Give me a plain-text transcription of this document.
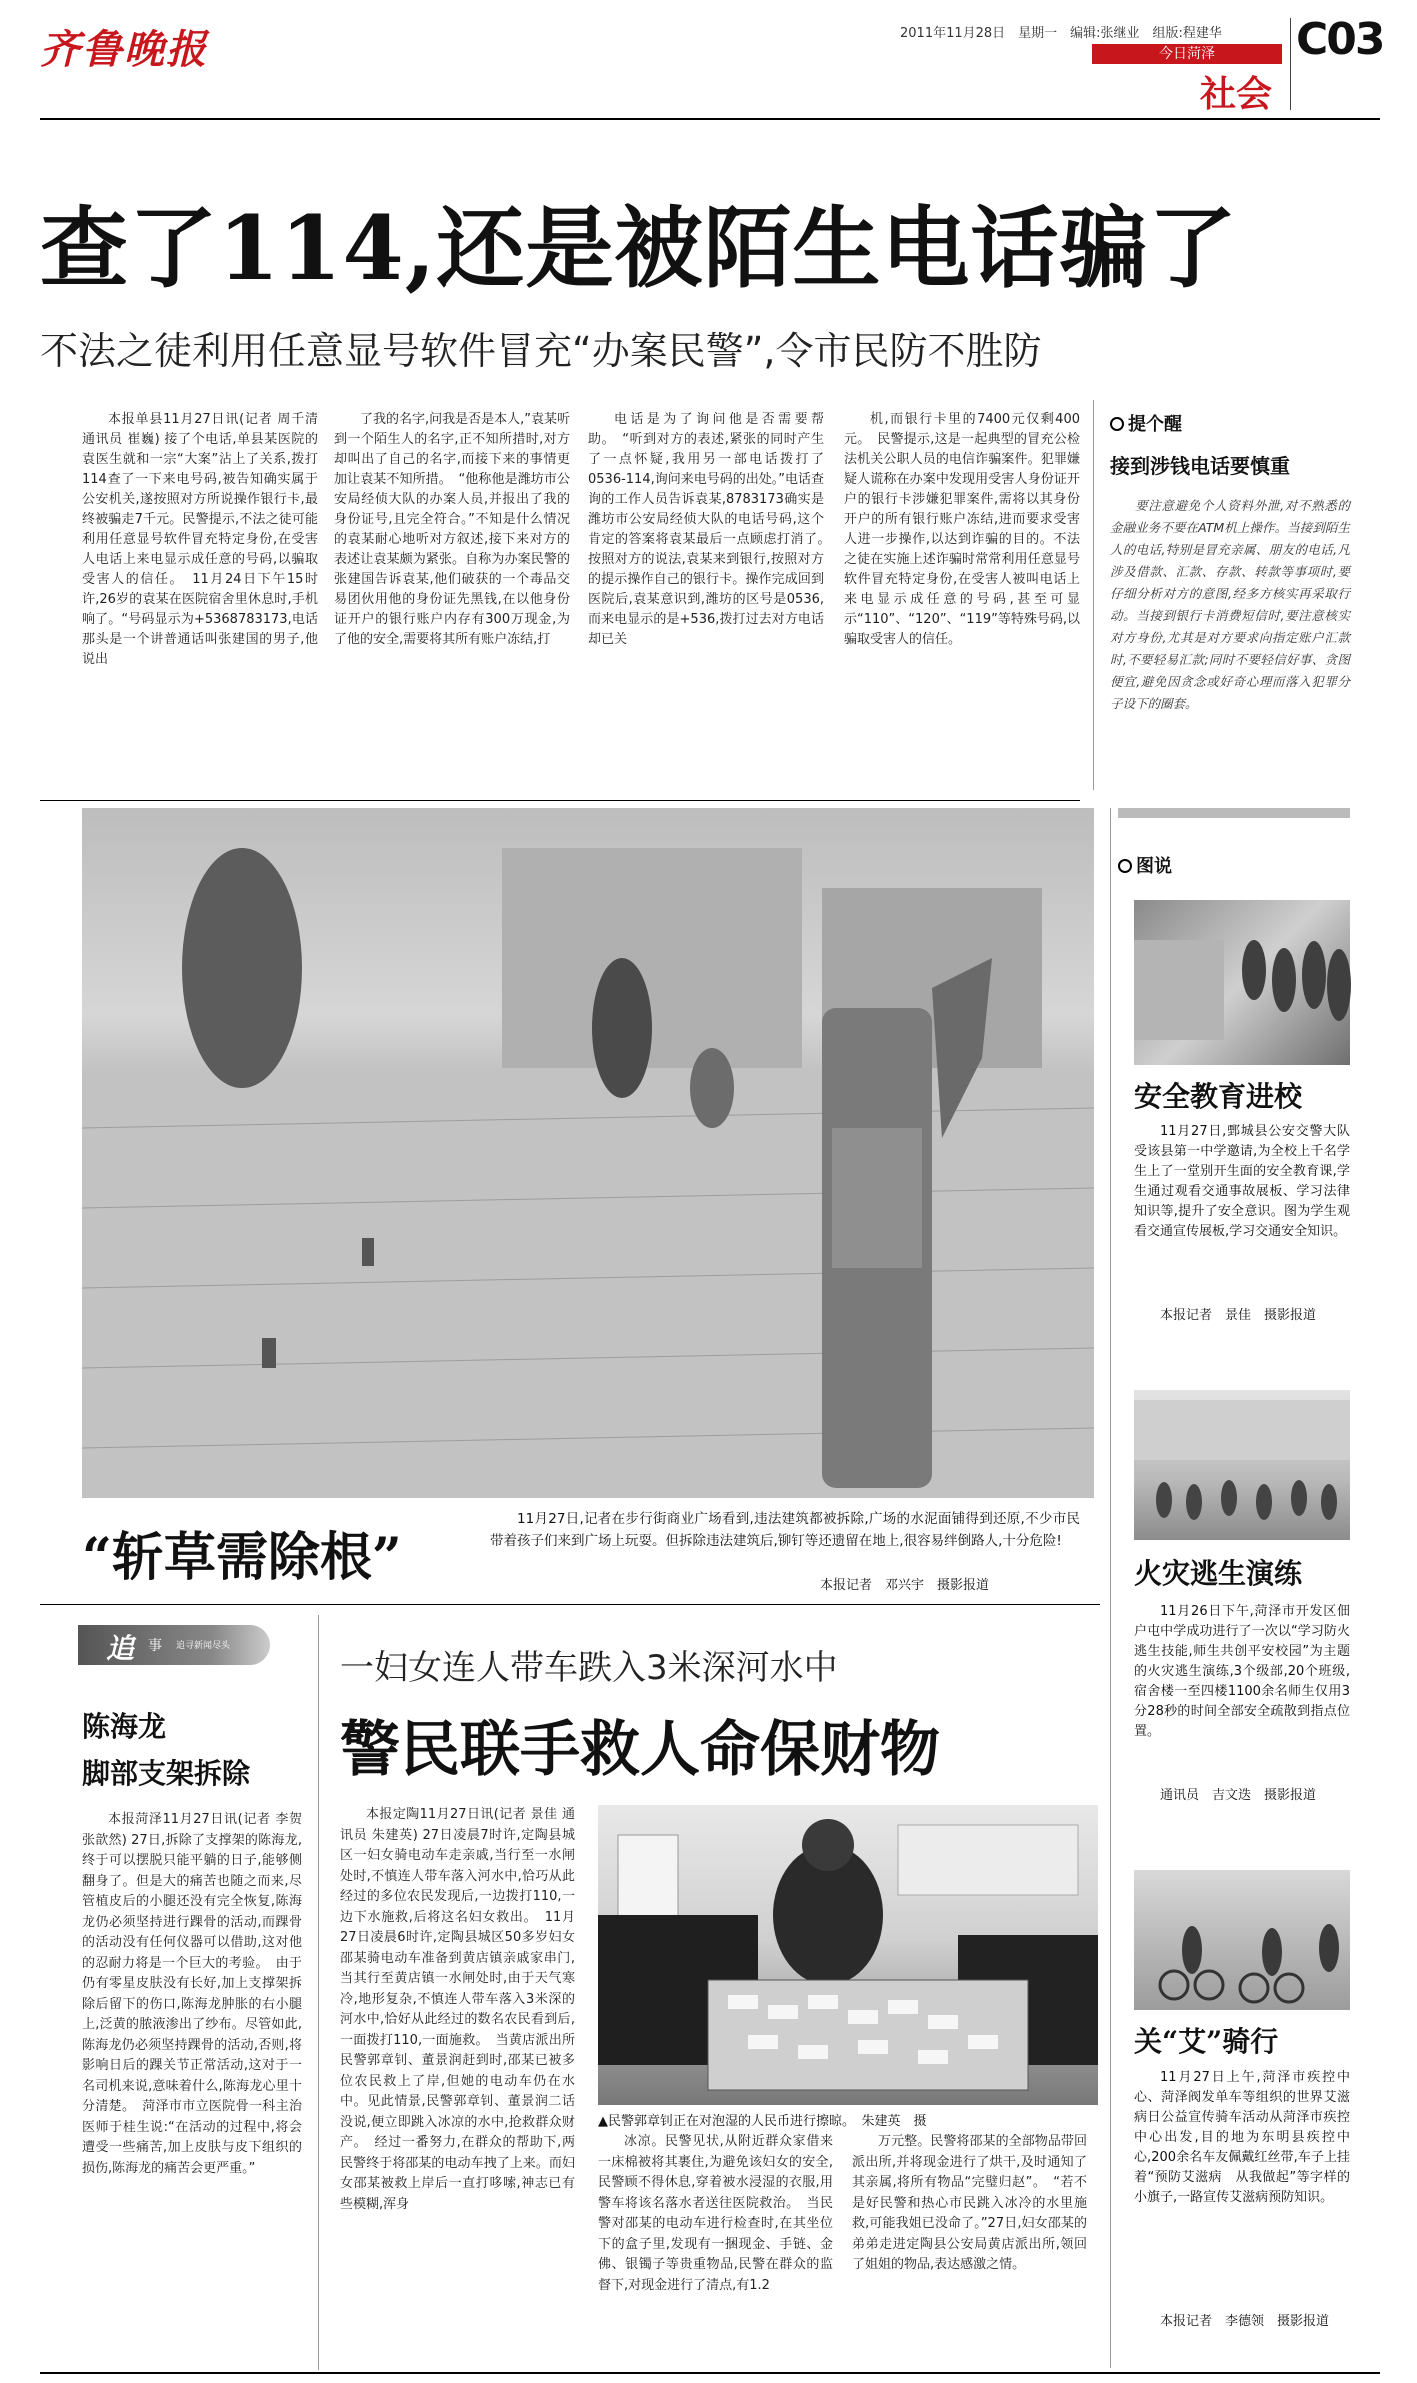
齐鲁晚报	2011年11月28日　星期一　编辑:张继业　组版:程建华
今日菏泽
社会
C03
查了114,还是被陌生电话骗了
不法之徒利用任意显号软件冒充“办案民警”,令市民防不胜防

本报单县11月27日讯(记者 周千清 通讯员 崔巍) 接了个电话,单县某医院的袁医生就和一宗“大案”沾上了关系,拨打114查了一下来电号码,被告知确实属于公安机关,遂按照对方所说操作银行卡,最终被骗走7千元。民警提示,不法之徒可能利用任意显号软件冒充特定身份,在受害人电话上来电显示成任意的号码,以骗取受害人的信任。　11月24日下午15时许,26岁的袁某在医院宿舍里休息时,手机响了。“号码显示为+5368783173,电话那头是一个讲普通话叫张建国的男子,他说出

了我的名字,问我是否是本人,”袁某听到一个陌生人的名字,正不知所措时,对方却叫出了自己的名字,而接下来的事情更加让袁某不知所措。　“他称他是潍坊市公安局经侦大队的办案人员,并报出了我的身份证号,且完全符合。”不知是什么情况的袁某耐心地听对方叙述,接下来对方的表述让袁某颇为紧张。自称为办案民警的张建国告诉袁某,他们破获的一个毒品交易团伙用他的身份证先黑钱,在以他身份证开户的银行账户内存有300万现金,为了他的安全,需要将其所有账户冻结,打

电话是为了询问他是否需要帮助。　“听到对方的表述,紧张的同时产生了一点怀疑,我用另一部电话拨打了0536-114,询问来电号码的出处。”电话查询的工作人员告诉袁某,8783173确实是潍坊市公安局经侦大队的电话号码,这个肯定的答案将袁某最后一点顾虑打消了。　按照对方的说法,袁某来到银行,按照对方的提示操作自己的银行卡。操作完成回到医院后,袁某意识到,潍坊的区号是0536,而来电显示的是+536,拨打过去对方电话却已关

机,而银行卡里的7400元仅剩400元。　民警提示,这是一起典型的冒充公检法机关公职人员的电信诈骗案件。犯罪嫌疑人谎称在办案中发现用受害人身份证开户的银行卡涉嫌犯罪案件,需将以其身份开户的所有银行账户冻结,进而要求受害人进一步操作,以达到诈骗的目的。不法之徒在实施上述诈骗时常常利用任意显号软件冒充特定身份,在受害人被叫电话上来电显示成任意的号码,甚至可显示“110”、“120”、“119”等特殊号码,以骗取受害人的信任。

提个醒
接到涉钱电话要慎重
要注意避免个人资料外泄,对不熟悉的金融业务不要在ATM机上操作。当接到陌生人的电话,特别是冒充亲属、朋友的电话,凡涉及借款、汇款、存款、转款等事项时,要仔细分析对方的意图,经多方核实再采取行动。当接到银行卡消费短信时,要注意核实对方身份,尤其是对方要求向指定账户汇款时,不要轻易汇款;同时不要轻信好事、贪图便宜,避免因贪念或好奇心理而落入犯罪分子设下的圈套。
“斩草需除根”
11月27日,记者在步行街商业广场看到,违法建筑都被拆除,广场的水泥面铺得到还原,不少市民带着孩子们来到广场上玩耍。但拆除违法建筑后,铆钉等还遗留在地上,很容易绊倒路人,十分危险!
本报记者　邓兴宇　摄影报道
图说
安全教育进校
11月27日,鄄城县公安交警大队受该县第一中学邀请,为全校上千名学生上了一堂别开生面的安全教育课,学生通过观看交通事故展板、学习法律知识等,提升了安全意识。图为学生观看交通宣传展板,学习交通安全知识。
本报记者　景佳　摄影报道
火灾逃生演练
11月26日下午,菏泽市开发区佃户屯中学成功进行了一次以“学习防火逃生技能,师生共创平安校园”为主题的火灾逃生演练,3个级部,20个班级,宿舍楼一至四楼1100余名师生仅用3分28秒的时间全部安全疏散到指点位置。
通讯员　吉文迭　摄影报道
关“艾”骑行
11月27日上午,菏泽市疾控中心、菏泽阀发单车等组织的世界艾滋病日公益宣传骑车活动从菏泽市疾控中心出发,目的地为东明县疾控中心,200余名车友佩戴红丝带,车子上挂着“预防艾滋病　从我做起”等字样的小旗子,一路宣传艾滋病预防知识。
本报记者　李德领　摄影报道
追 事 追寻新闻尽头
陈海龙
脚部支架拆除

本报菏泽11月27日讯(记者 李贺 张歆然) 27日,拆除了支撑架的陈海龙,终于可以摆脱只能平躺的日子,能够侧翻身了。但是大的痛苦也随之而来,尽管植皮后的小腿还没有完全恢复,陈海龙仍必须坚持进行踝骨的活动,而踝骨的活动没有任何仪器可以借助,这对他的忍耐力将是一个巨大的考验。　由于仍有零星皮肤没有长好,加上支撑架拆除后留下的伤口,陈海龙肿胀的右小腿上,泛黄的脓液渗出了纱布。尽管如此,陈海龙仍必须坚持踝骨的活动,否则,将影响日后的踝关节正常活动,这对于一名司机来说,意味着什么,陈海龙心里十分清楚。　菏泽市市立医院骨一科主治医师于桂生说:“在活动的过程中,将会遭受一些痛苦,加上皮肤与皮下组织的损伤,陈海龙的痛苦会更严重。”

一妇女连人带车跌入3米深河水中
警民联手救人命保财物

本报定陶11月27日讯(记者 景佳 通讯员 朱建英) 27日凌晨7时许,定陶县城区一妇女骑电动车走亲戚,当行至一水闸处时,不慎连人带车落入河水中,恰巧从此经过的多位农民发现后,一边拨打110,一边下水施救,后将这名妇女救出。　11月27日凌晨6时许,定陶县城区50多岁妇女邵某骑电动车准备到黄店镇亲戚家串门,当其行至黄店镇一水闸处时,由于天气寒冷,地形复杂,不慎连人带车落入3米深的河水中,恰好从此经过的数名农民看到后,一面拨打110,一面施救。　当黄店派出所民警郭章钊、董景润赶到时,邵某已被多位农民救上了岸,但她的电动车仍在水中。见此情景,民警郭章钊、董景润二话没说,便立即跳入冰凉的水中,抢救群众财产。　经过一番努力,在群众的帮助下,两民警终于将邵某的电动车拽了上来。而妇女邵某被救上岸后一直打哆嗦,神志已有些模糊,浑身

▲民警郭章钊正在对泡湿的人民币进行擦晾。　朱建英　摄

冰凉。民警见状,从附近群众家借来一床棉被将其裹住,为避免该妇女的安全,民警顾不得休息,穿着被水浸湿的衣服,用警车将该名落水者送往医院救治。　当民警对邵某的电动车进行检查时,在其坐位下的盒子里,发现有一捆现金、手链、金佛、银镯子等贵重物品,民警在群众的监督下,对现金进行了清点,有1.2

万元整。民警将邵某的全部物品带回派出所,并将现金进行了烘干,及时通知了其亲属,将所有物品“完璧归赵”。　“若不是好民警和热心市民跳入冰冷的水里施救,可能我姐已没命了。”27日,妇女邵某的弟弟走进定陶县公安局黄店派出所,领回了姐姐的物品,表达感激之情。
